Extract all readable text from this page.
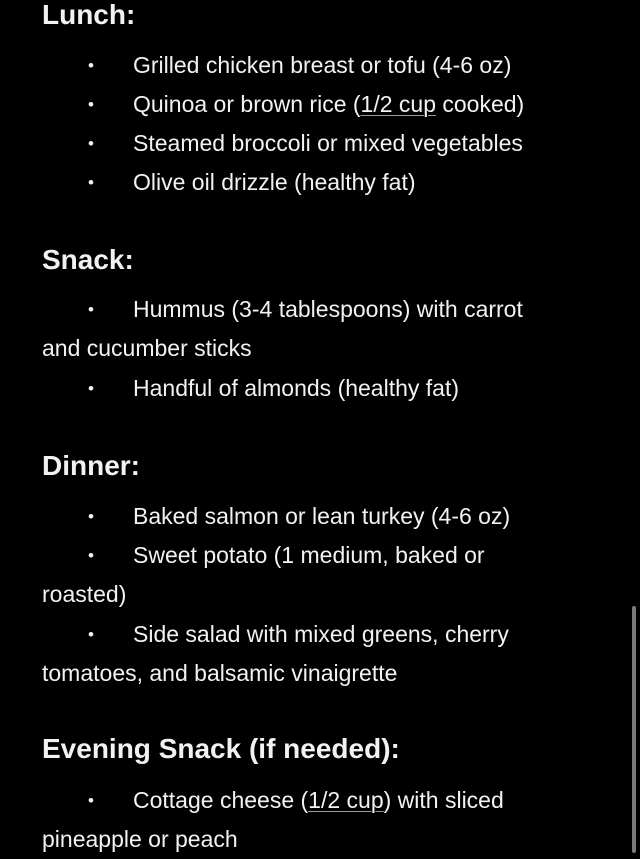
Lunch:
•	Grilled chicken breast or tofu (4-6 oz)
•	Quinoa or brown rice (1/2 cup cooked)
•	Steamed broccoli or mixed vegetables
•	Olive oil drizzle (healthy fat)
Snack:
•	Hummus (3-4 tablespoons) with carrot
and cucumber sticks
•	Handful of almonds (healthy fat)
Dinner:
•	Baked salmon or lean turkey (4-6 oz)
•	Sweet potato (1 medium, baked or
roasted)
•	Side salad with mixed greens, cherry
tomatoes, and balsamic vinaigrette
Evening Snack (if needed):
•	Cottage cheese (1/2 cup) with sliced
pineapple or peach
